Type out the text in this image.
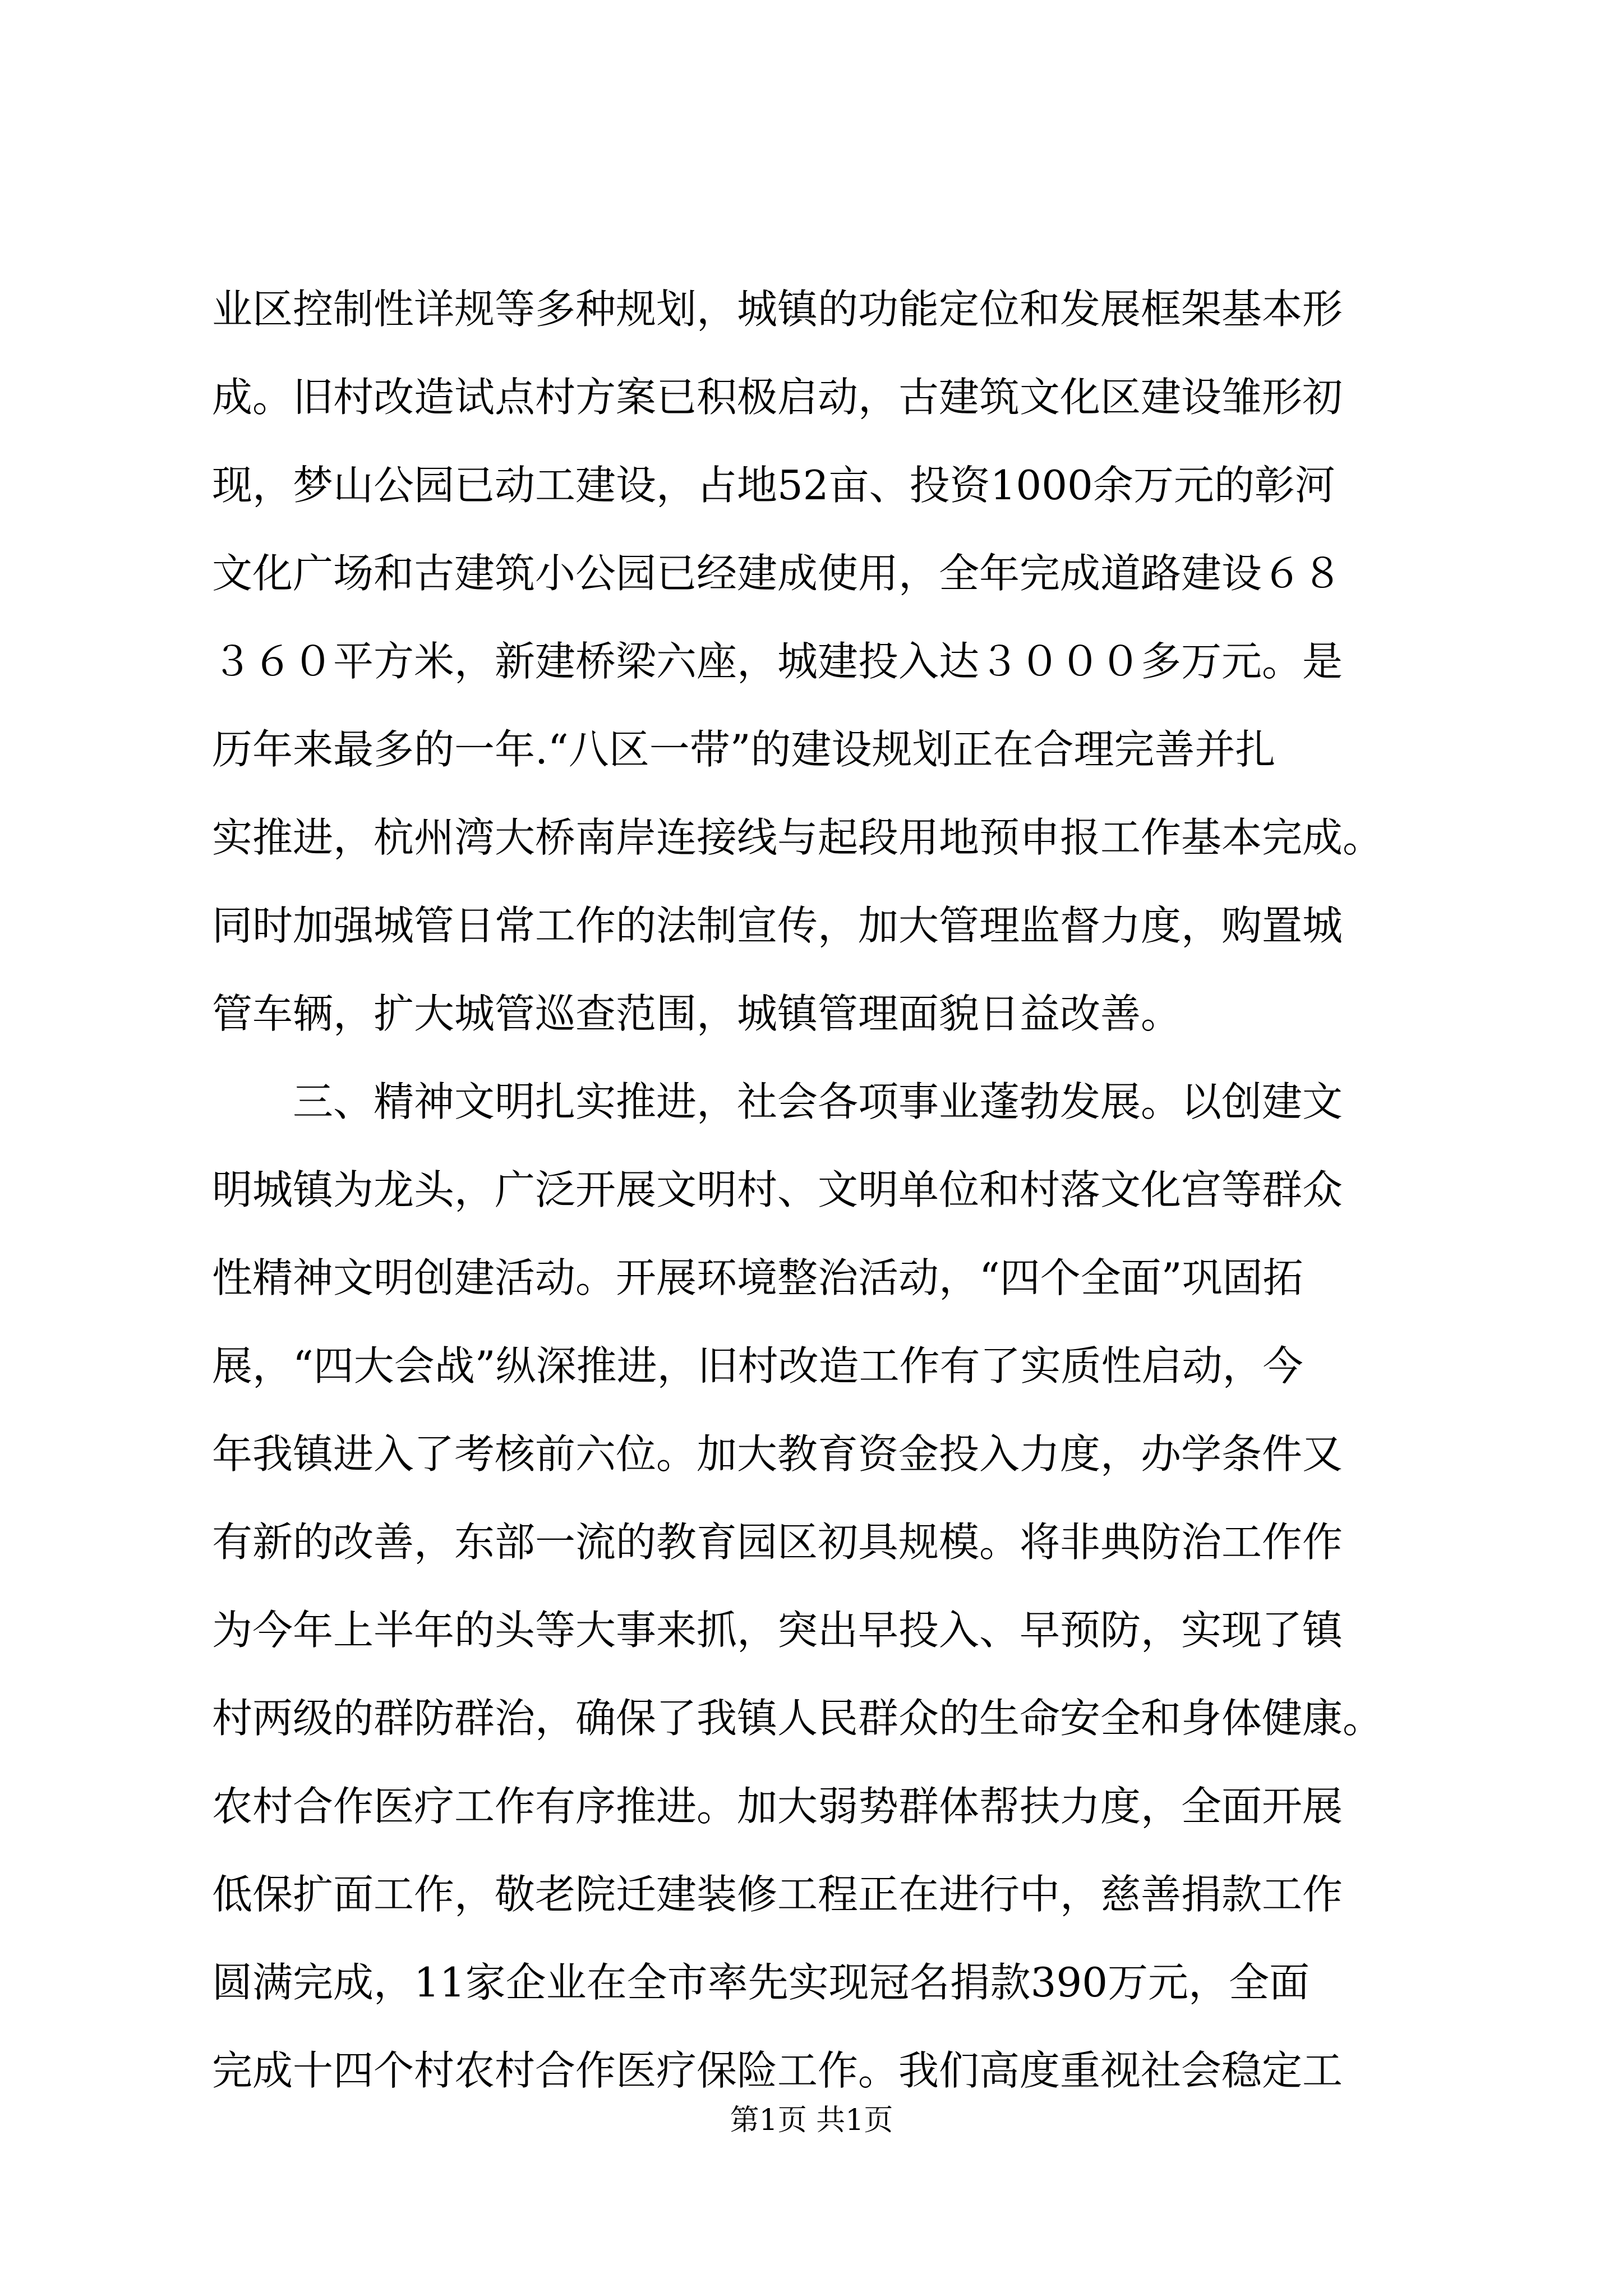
业区控制性详规等多种规划，城镇的功能定位和发展框架基本形
成。旧村改造试点村方案已积极启动，古建筑文化区建设雏形初
现，梦山公园已动工建设，占地52亩、投资1000余万元的彰河
文化广场和古建筑小公园已经建成使用，全年完成道路建设６８
３６０平方米，新建桥梁六座，城建投入达３０００多万元。是
历年来最多的一年.“八区一带”的建设规划正在合理完善并扎
实推进，杭州湾大桥南岸连接线与起段用地预申报工作基本完成。
同时加强城管日常工作的法制宣传，加大管理监督力度，购置城
管车辆，扩大城管巡查范围，城镇管理面貌日益改善。
　　三、精神文明扎实推进，社会各项事业蓬勃发展。以创建文
明城镇为龙头，广泛开展文明村、文明单位和村落文化宫等群众
性精神文明创建活动。开展环境整治活动，“四个全面”巩固拓
展，“四大会战”纵深推进，旧村改造工作有了实质性启动，今
年我镇进入了考核前六位。加大教育资金投入力度，办学条件又
有新的改善，东部一流的教育园区初具规模。将非典防治工作作
为今年上半年的头等大事来抓，突出早投入、早预防，实现了镇
村两级的群防群治，确保了我镇人民群众的生命安全和身体健康。
农村合作医疗工作有序推进。加大弱势群体帮扶力度，全面开展
低保扩面工作，敬老院迁建装修工程正在进行中，慈善捐款工作
圆满完成，11家企业在全市率先实现冠名捐款390万元，全面
完成十四个村农村合作医疗保险工作。我们高度重视社会稳定工
第1页 共1页
